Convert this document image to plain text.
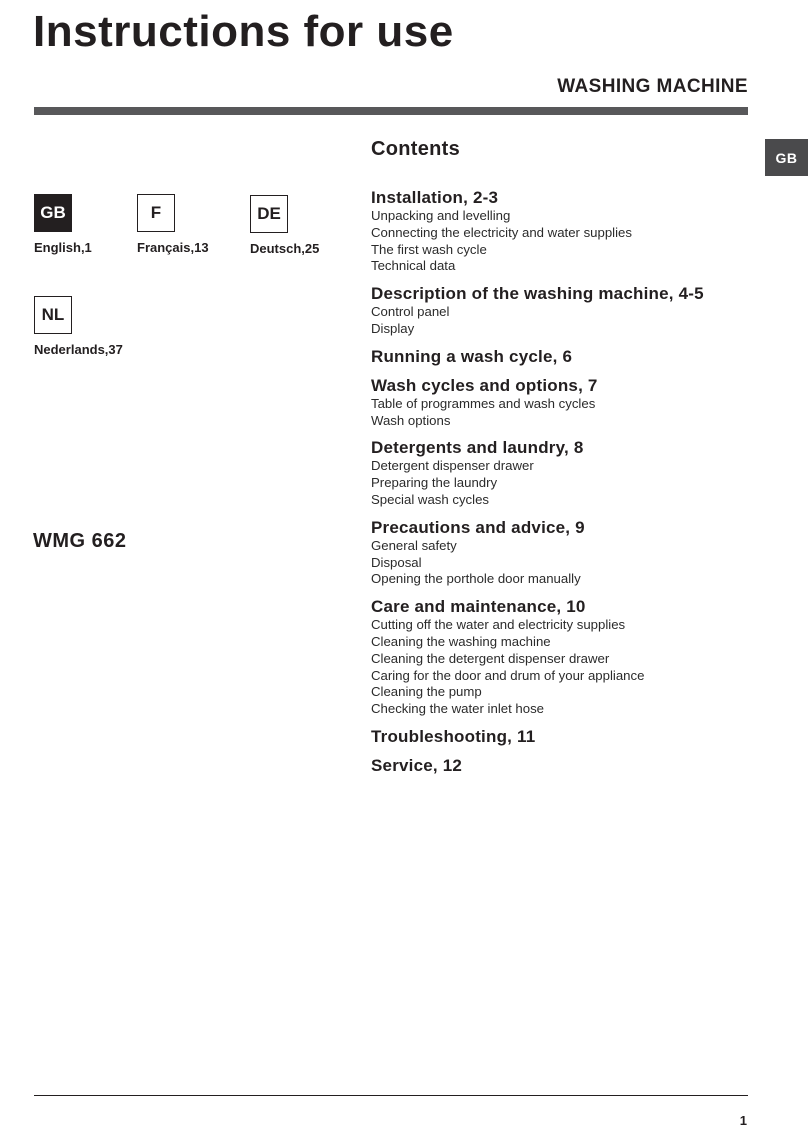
Instructions for use
WASHING MACHINE
GB
GB
English,1
F
Français,13
DE
Deutsch,25
NL
Nederlands,37
WMG 662
Contents
Installation, 2-3
Unpacking and levelling
Connecting the electricity and water supplies
The first wash cycle
Technical data
Description of the washing machine, 4-5
Control panel
Display
Running a wash cycle, 6
Wash cycles and options, 7
Table of programmes and wash cycles
Wash options
Detergents and laundry, 8
Detergent dispenser drawer
Preparing the laundry
Special wash cycles
Precautions and advice, 9
General safety
Disposal
Opening the porthole door manually
Care and maintenance, 10
Cutting off the water and electricity supplies
Cleaning the washing machine
Cleaning the detergent dispenser drawer
Caring for the door and drum of your appliance
Cleaning the pump
Checking the water inlet hose
Troubleshooting, 11
Service, 12
1
